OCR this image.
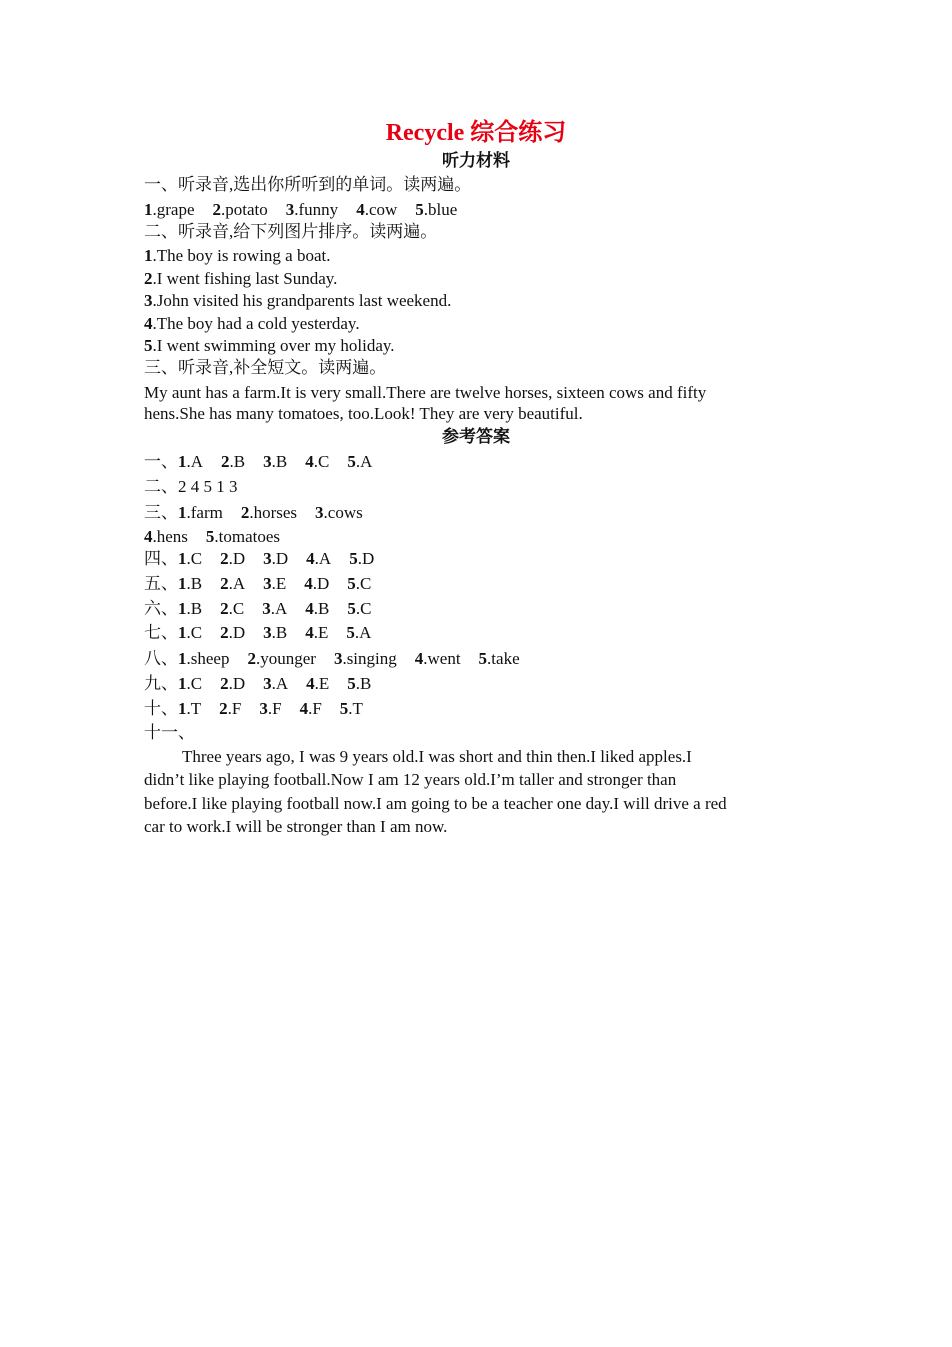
Recycle 综合练习
听力材料
一、听录音,选出你所听到的单词。读两遍。
1.grape 2.potato 3.funny 4.cow 5.blue
二、听录音,给下列图片排序。读两遍。
1.The boy is rowing a boat.
2.I went fishing last Sunday.
3.John visited his grandparents last weekend.
4.The boy had a cold yesterday.
5.I went swimming over my holiday.
三、听录音,补全短文。读两遍。
My aunt has a farm.It is very small.There are twelve horses, sixteen cows and fifty
hens.She has many tomatoes, too.Look! They are very beautiful.
参考答案
一、1.A 2.B 3.B 4.C 5.A
二、2 4 5 1 3
三、1.farm 2.horses 3.cows
4.hens 5.tomatoes
四、1.C 2.D 3.D 4.A 5.D
五、1.B 2.A 3.E 4.D 5.C
六、1.B 2.C 3.A 4.B 5.C
七、1.C 2.D 3.B 4.E 5.A
八、1.sheep 2.younger 3.singing 4.went 5.take
九、1.C 2.D 3.A 4.E 5.B
十、1.T 2.F 3.F 4.F 5.T
十一、
Three years ago, I was 9 years old.I was short and thin then.I liked apples.I
didn’t like playing football.Now I am 12 years old.I’m taller and stronger than
before.I like playing football now.I am going to be a teacher one day.I will drive a red
car to work.I will be stronger than I am now.
